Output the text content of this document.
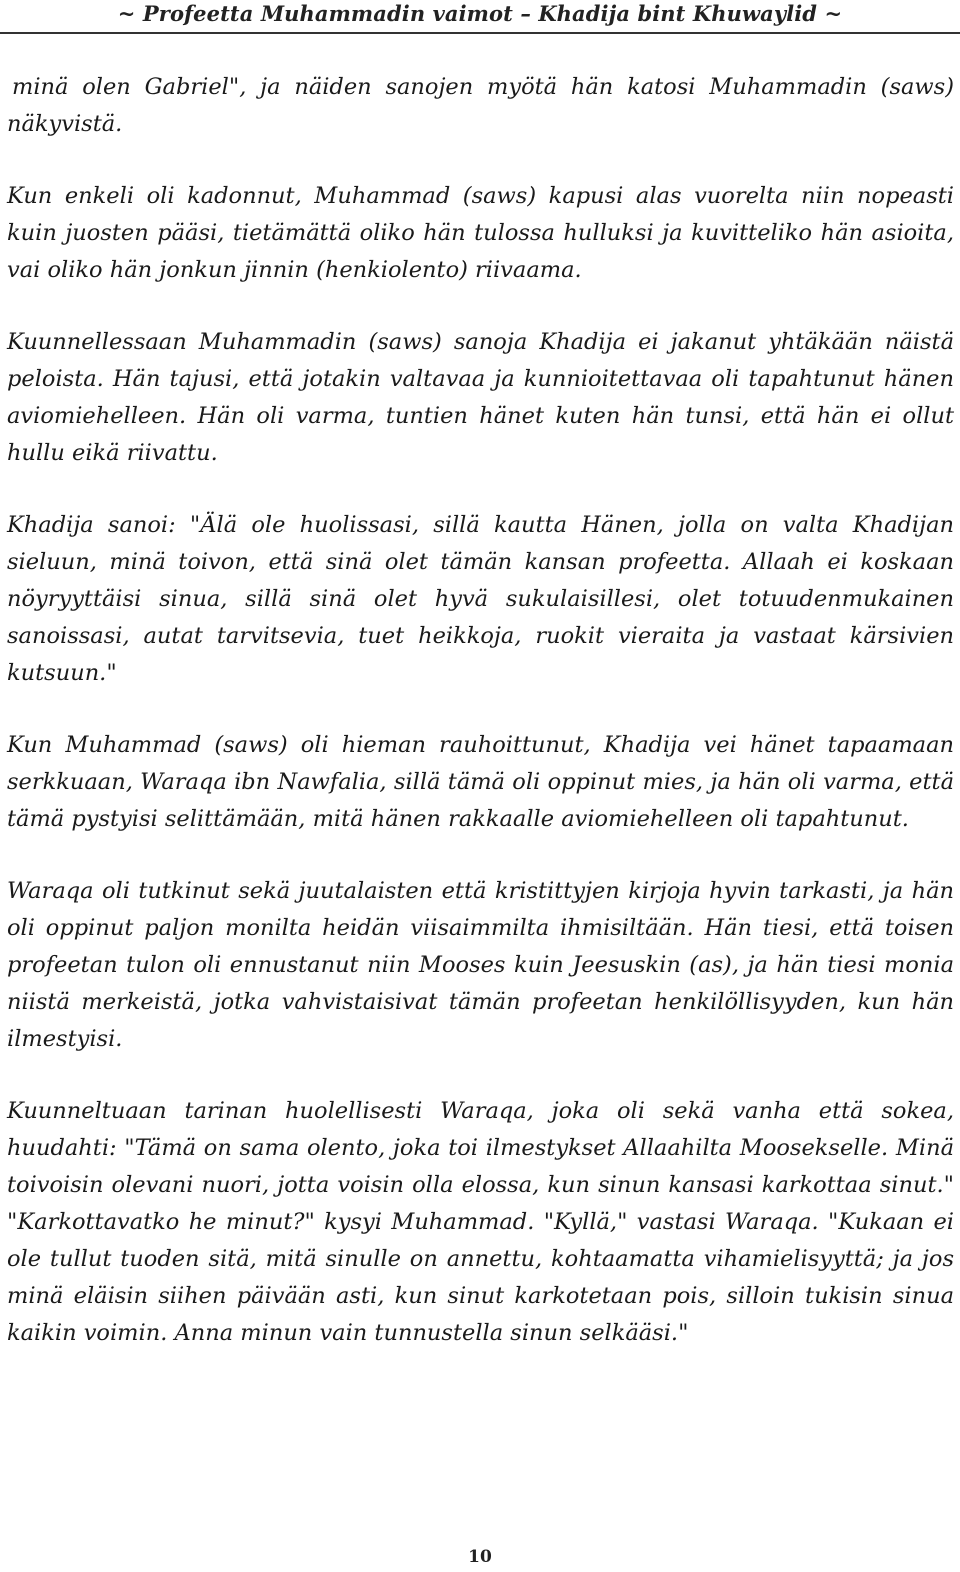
~ Profeetta Muhammadin vaimot – Khadija bint Khuwaylid ~

minä olen Gabriel", ja näiden sanojen myötä hän katosi Muhammadin (saws) näkyvistä.

Kun enkeli oli kadonnut, Muhammad (saws) kapusi alas vuorelta niin nopeasti kuin juosten pääsi, tietämättä oliko hän tulossa hulluksi ja kuvitteliko hän asioita, vai oliko hän jonkun jinnin (henkiolento) riivaama.

Kuunnellessaan Muhammadin (saws) sanoja Khadija ei jakanut yhtäkään näistä peloista. Hän tajusi, että jotakin valtavaa ja kunnioitettavaa oli tapahtunut hänen aviomiehelleen. Hän oli varma, tuntien hänet kuten hän tunsi, että hän ei ollut hullu eikä riivattu.

Khadija sanoi: "Älä ole huolissasi, sillä kautta Hänen, jolla on valta Khadijan sieluun, minä toivon, että sinä olet tämän kansan profeetta. Allaah ei koskaan nöyryyttäisi sinua, sillä sinä olet hyvä sukulaisillesi, olet totuudenmukainen sanoissasi, autat tarvitsevia, tuet heikkoja, ruokit vieraita ja vastaat kärsivien kutsuun."

Kun Muhammad (saws) oli hieman rauhoittunut, Khadija vei hänet tapaamaan serkkuaan, Waraqa ibn Nawfalia, sillä tämä oli oppinut mies, ja hän oli varma, että tämä pystyisi selittämään, mitä hänen rakkaalle aviomiehelleen oli tapahtunut.

Waraqa oli tutkinut sekä juutalaisten että kristittyjen kirjoja hyvin tarkasti, ja hän oli oppinut paljon monilta heidän viisaimmilta ihmisiltään. Hän tiesi, että toisen profeetan tulon oli ennustanut niin Mooses kuin Jeesuskin (as), ja hän tiesi monia niistä merkeistä, jotka vahvistaisivat tämän profeetan henkilöllisyyden, kun hän ilmestyisi.

Kuunneltuaan tarinan huolellisesti Waraqa, joka oli sekä vanha että sokea, huudahti: "Tämä on sama olento, joka toi ilmestykset Allaahilta Moosekselle. Minä toivoisin olevani nuori, jotta voisin olla elossa, kun sinun kansasi karkottaa sinut." "Karkottavatko he minut?" kysyi Muhammad. "Kyllä," vastasi Waraqa. "Kukaan ei ole tullut tuoden sitä, mitä sinulle on annettu, kohtaamatta vihamielisyyttä; ja jos minä eläisin siihen päivään asti, kun sinut karkotetaan pois, silloin tukisin sinua kaikin voimin. Anna minun vain tunnustella sinun selkääsi."

10
